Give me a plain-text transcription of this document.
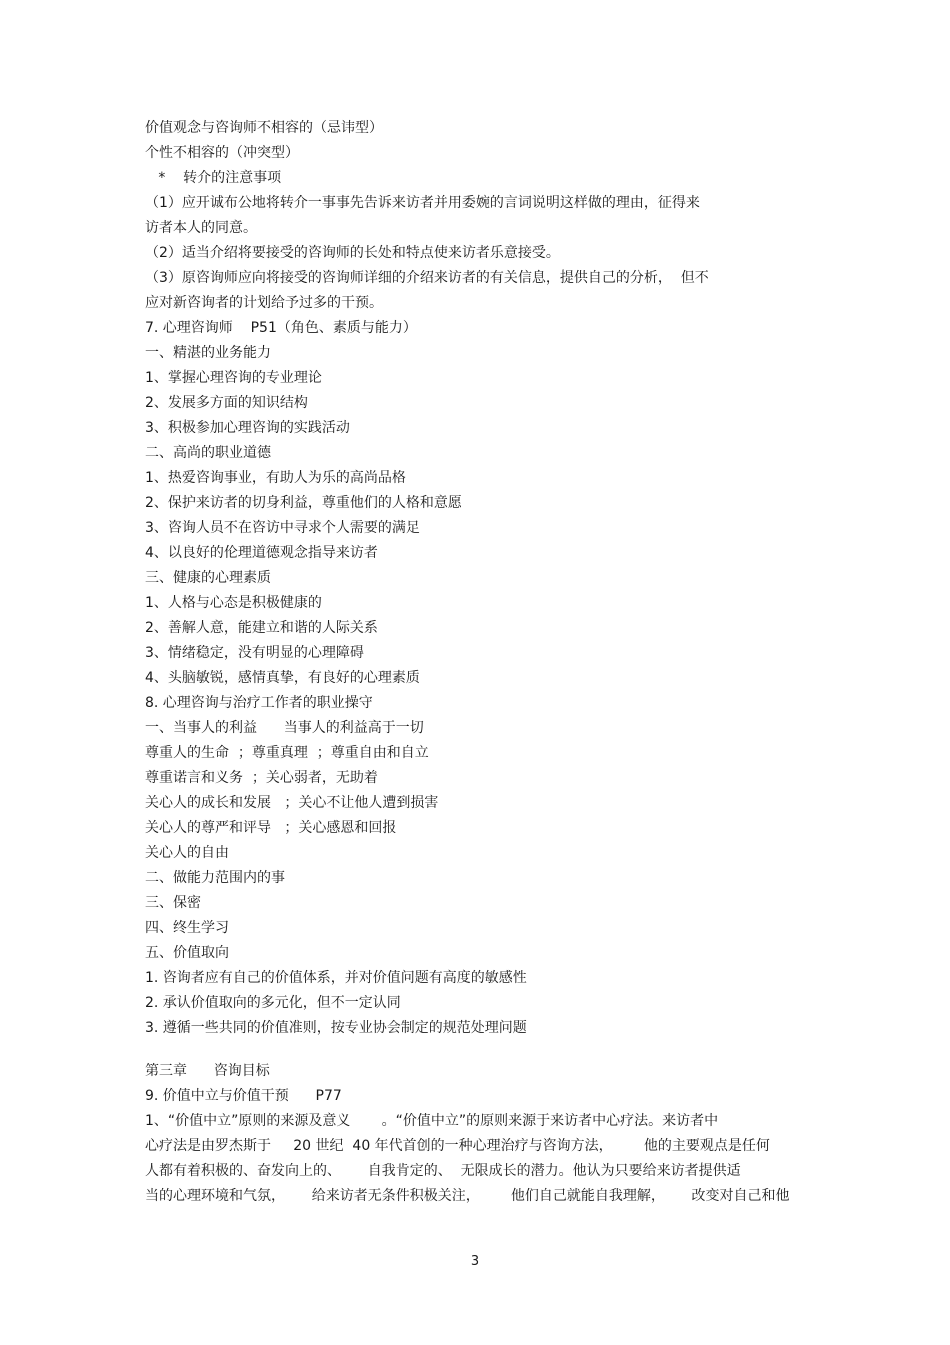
价值观念与咨询师不相容的（忌讳型）
个性不相容的（冲突型）
*    转介的注意事项
（1）应开诚布公地将转介一事事先告诉来访者并用委婉的言词说明这样做的理由，征得来
访者本人的同意。
（2）适当介绍将要接受的咨询师的长处和特点使来访者乐意接受。
（3）原咨询师应向将接受的咨询师详细的介绍来访者的有关信息，提供自己的分析，  但不
应对新咨询者的计划给予过多的干预。
7. 心理咨询师    P51（角色、素质与能力）
一、精湛的业务能力
1、掌握心理咨询的专业理论
2、发展多方面的知识结构
3、积极参加心理咨询的实践活动
二、高尚的职业道德
1、热爱咨询事业，有助人为乐的高尚品格
2、保护来访者的切身利益，尊重他们的人格和意愿
3、咨询人员不在咨访中寻求个人需要的满足
4、以良好的伦理道德观念指导来访者
三、健康的心理素质
1、人格与心态是积极健康的
2、善解人意，能建立和谐的人际关系
3、情绪稳定，没有明显的心理障碍
4、头脑敏锐，感情真挚，有良好的心理素质
8. 心理咨询与治疗工作者的职业操守
一、当事人的利益      当事人的利益高于一切
尊重人的生命  ；尊重真理  ；尊重自由和自立
尊重诺言和义务  ；关心弱者，无助着
关心人的成长和发展   ；关心不让他人遭到损害
关心人的尊严和评导   ；关心感恩和回报
关心人的自由
二、做能力范围内的事
三、保密
四、终生学习
五、价值取向
1. 咨询者应有自己的价值体系，并对价值问题有高度的敏感性
2. 承认价值取向的多元化，但不一定认同
3. 遵循一些共同的价值准则，按专业协会制定的规范处理问题
第三章      咨询目标
9. 价值中立与价值干预      P77
1、“价值中立”原则的来源及意义       。“价值中立”的原则来源于来访者中心疗法。来访者中
心疗法是由罗杰斯于     20 世纪  40 年代首创的一种心理治疗与咨询方法，       他的主要观点是任何
人都有着积极的、奋发向上的、      自我肯定的、  无限成长的潜力。他认为只要给来访者提供适
当的心理环境和气氛，      给来访者无条件积极关注，       他们自己就能自我理解，      改变对自己和他
3
